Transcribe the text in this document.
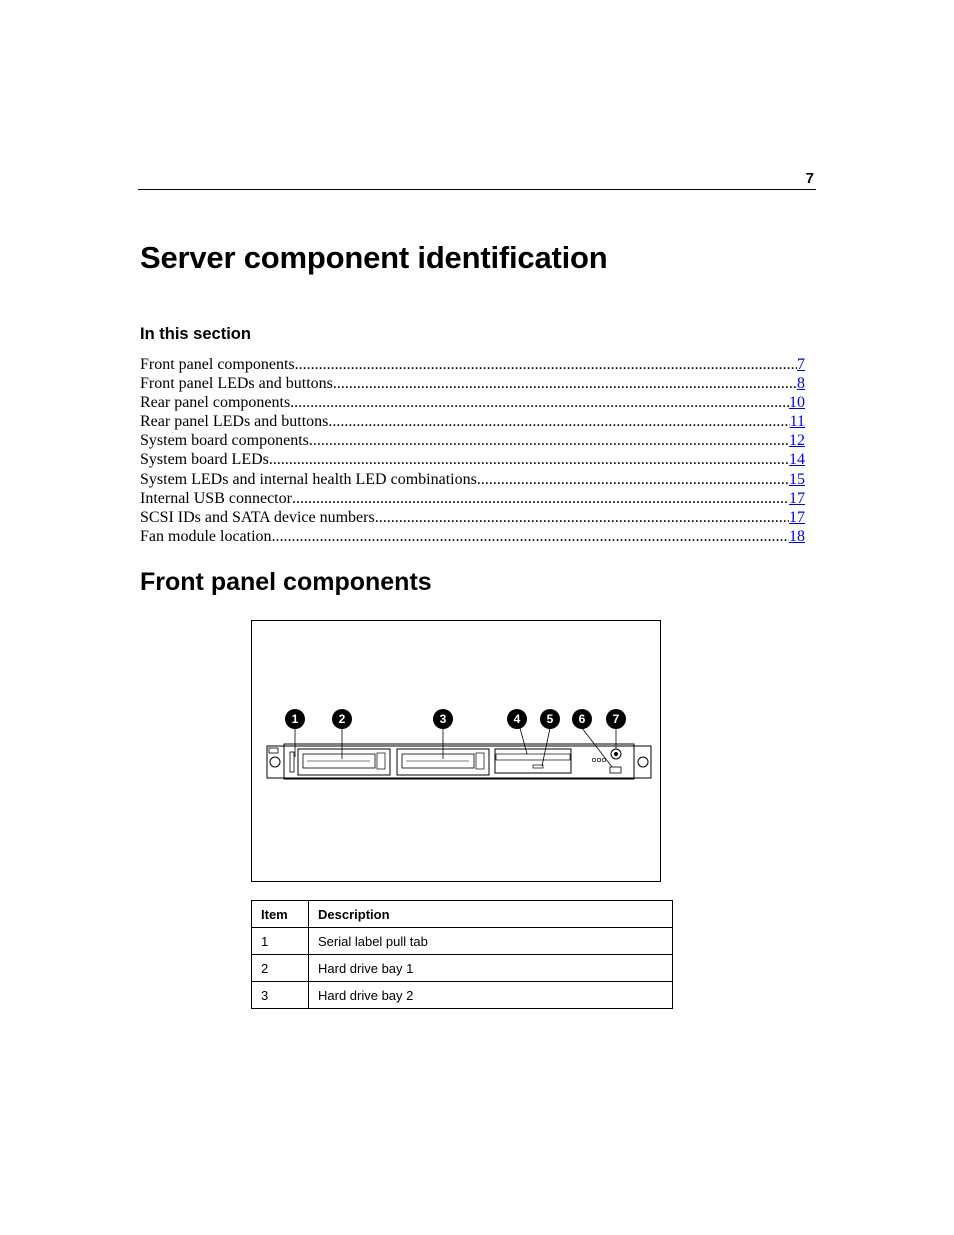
7
Server component identification
In this section
Front panel components .....	7
Front panel LEDs and buttons .....	8
Rear panel components .....	10
Rear panel LEDs and buttons .....	11
System board components .....	12
System board LEDs .....	14
System LEDs and internal health LED combinations .....	15
Internal USB connector .....	17
SCSI IDs and SATA device numbers .....	17
Fan module location .....	18
Front panel components
1	2	3	4 5 6 7
Item	Description
1	Serial label pull tab
2	Hard drive bay 1
3	Hard drive bay 2
